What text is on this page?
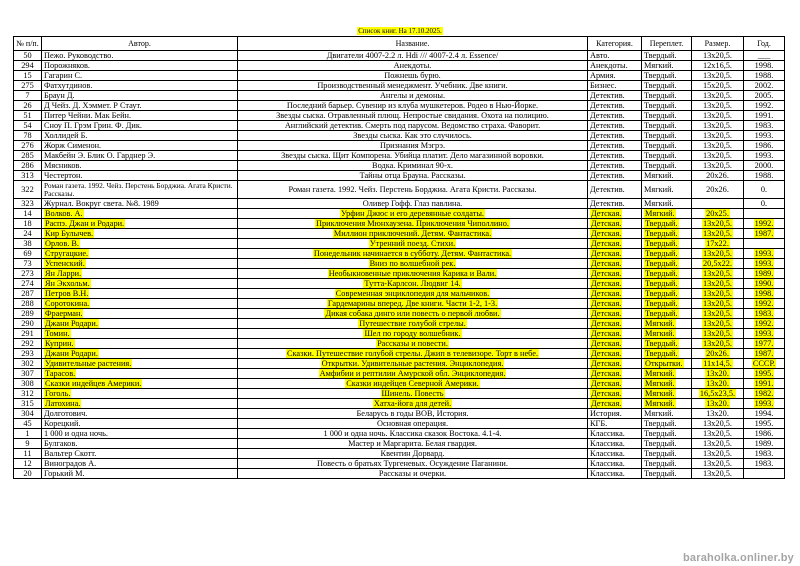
Список книг. На 17.10.2025.
№ п/п.	Автор.	Название.	Категория.	Переплет.	Размер.	Год.
50	Пежо. Руководство.	Двигатели 4007-2.2 л. Hdi /// 4007-2.4 л. Essence/	Авто.	Твердый.	13x20,5.	___
294	Порожняков.	Анекдоты.	Анекдоты.	Мягкий.	12x16,5.	1998.
15	Гагарин С.	Пожнешь бурю.	Армия.	Твердый.	13x20,5.	1988.
275	Фатхутдинов.	Производственный менеджмент. Учебник. Две книги.	Бизнес.	Твердый.	15x20,5.	2002.
7	Браун Д.	Ангелы и демоны.	Детектив.	Твердый.	13x20,5.	2005.
26	Д Чейз. Д. Хэммет. Р Стаут.	Последний барьер. Сувенир из клуба мушкетеров. Родео в Нью-Йорке.	Детектив.	Твердый.	13x20,5.	1992.
51	Питер Чейни. Мак Бейн.	Звезды сыска. Отравленный плющ. Непростые свидания. Охота на полицию.	Детектив.	Твердый.	13x20,5.	1991.
54	Сноу П. Грэм Грин. Ф. Дик.	Английский детектив. Смерть под парусом. Ведомство страха. Фаворит.	Детектив.	Твердый.	13x20,5.	1983.
78	Холлидей Б.	Звезды сыска. Как это случилось.	Детектив.	Твердый.	13x20,5.	1993.
276	Жорж Сименон.	Признания Мэгрэ.	Детектив.	Твердый.	13x20,5.	1986.
285	Макбейн Э. Блик О. Гарднер Э.	Звезды сыска. Щит Компорена. Убийца платит. Дело магазинной воровки.	Детектив.	Твердый.	13x20,5.	1993.
286	Мясников.	Водка. Криминал 90-х.	Детектив.	Твердый.	13x20,5.	2000.
313	Честертон.	Тайны отца Брауна. Рассказы.	Детектив.	Мягкий.	20x26.	1988.
322	Роман газета. 1992. Чейз. Перстень Борджиа. Агата Кристи. Рассказы.	Роман газета. 1992. Чейз. Перстень Борджиа. Агата Кристи. Рассказы.	Детектив.	Мягкий.	20x26.	0.
323	Журнал. Вокруг света. №8. 1989	Оливер Гофф. Глаз павлина.	Детектив.	Мягкий.		0.
14	Волков. А.	Урфин Джюс и его деревянные солдаты.	Детская.	Мягкий.	20x25.	
18	Распэ. Джан и Родари.	Приключения Мюнхаузена. Приключения Чиполлино.	Детская.	Твердый.	13x20,5.	1992.
24	Кир Булычев.	Миллион приключений. Детям. Фантастика.	Детская.	Твердый.	13x20,5.	1987.
38	Орлов. В.	Утренний поезд. Стихи.	Детская.	Твердый.	17x22.	
69	Стругацкие.	Понедельник начинается в субботу. Детям. Фантастика.	Детская.	Твердый.	13x20,5.	1993.
73	Успенский.	Вниз по волшебной рек.	Детская.	Твердый.	20,5x22.	1993.
273	Ян Ларри.	Необыкновенные приключения Карика и Вали.	Детская.	Твердый.	13x20,5.	1989.
274	Ян Экхольм.	Тутта-Карлсон. Людвиг 14.	Детская.	Твердый.	13x20,5.	1990.
287	Петров В.Н.	Современная энциклопедия для мальчиков.	Детская.	Твердый.	13x20,5.	1998.
288	Соротокина.	Гардемарины вперед. Две книги. Части 1-2, 1-3.	Детская.	Твердый.	13x20,5.	1992.
289	Фраерман.	Дикая собака динго или повесть о первой любви.	Детская.	Твердый.	13x20,5.	1983.
290	Джани Родари.	Путешествие голубой стрелы.	Детская.	Мягкий.	13x20,5.	1992.
291	Томин.	Шел по городу волшебник.	Детская.	Мягкий.	13x20,5.	1993.
292	Куприн.	Рассказы и повести.	Детская.	Твердый.	13x20,5.	1977.
293	Джани Родари.	Сказки. Путешествие голубой стрелы. Джип в телевизоре. Торт в небе.	Детская.	Твердый.	20x26.	1987.
302	Удивительные растения.	Открытки. Удивительные растения. Энциклопедия.	Детская.	Открытки.	11x14,5.	СССР.
307	Тарасов.	Амфибии и рептилии Амурской обл. Энциклопедия.	Детская.	Мягкий.	13x20.	1995.
308	Сказки индейцев Америки.	Сказки индейцев Северной Америки.	Детская.	Мягкий.	13x20.	1991.
312	Гоголь.	Шинель. Повесть	Детская.	Мягкий.	16,5x23,5.	1982.
315	Латохина.	Хатха-йога для детей.	Детская.	Мягкий.	13x20.	1993.
304	Долготович.	Беларусь в годы ВОВ, История.	История.	Мягкий.	13x20.	1994.
45	Корецкий.	Основная операция.	КГБ.	Твердый.	13x20,5.	1995.
1	1 000 и одна ночь.	1 000 и одна ночь. Классика сказок Востока. 4.1-4.	Классика.	Твердый.	13x20,5.	1986.
9	Булгаков.	Мастер и Маргарита. Белая гвардия.	Классика.	Твердый.	13x20,5.	1989.
11	Вальтер Скотт.	Квентин Дорвард.	Классика.	Твердый.	13x20,5.	1983.
12	Виноградов А.	Повесть о братьях Тургеневых. Осуждение Паганини.	Классика.	Твердый.	13x20,5.	1983.
20	Горький М.	Рассказы и очерки.	Классика.	Твердый.	13x20,5.	
baraholka.onliner.by
